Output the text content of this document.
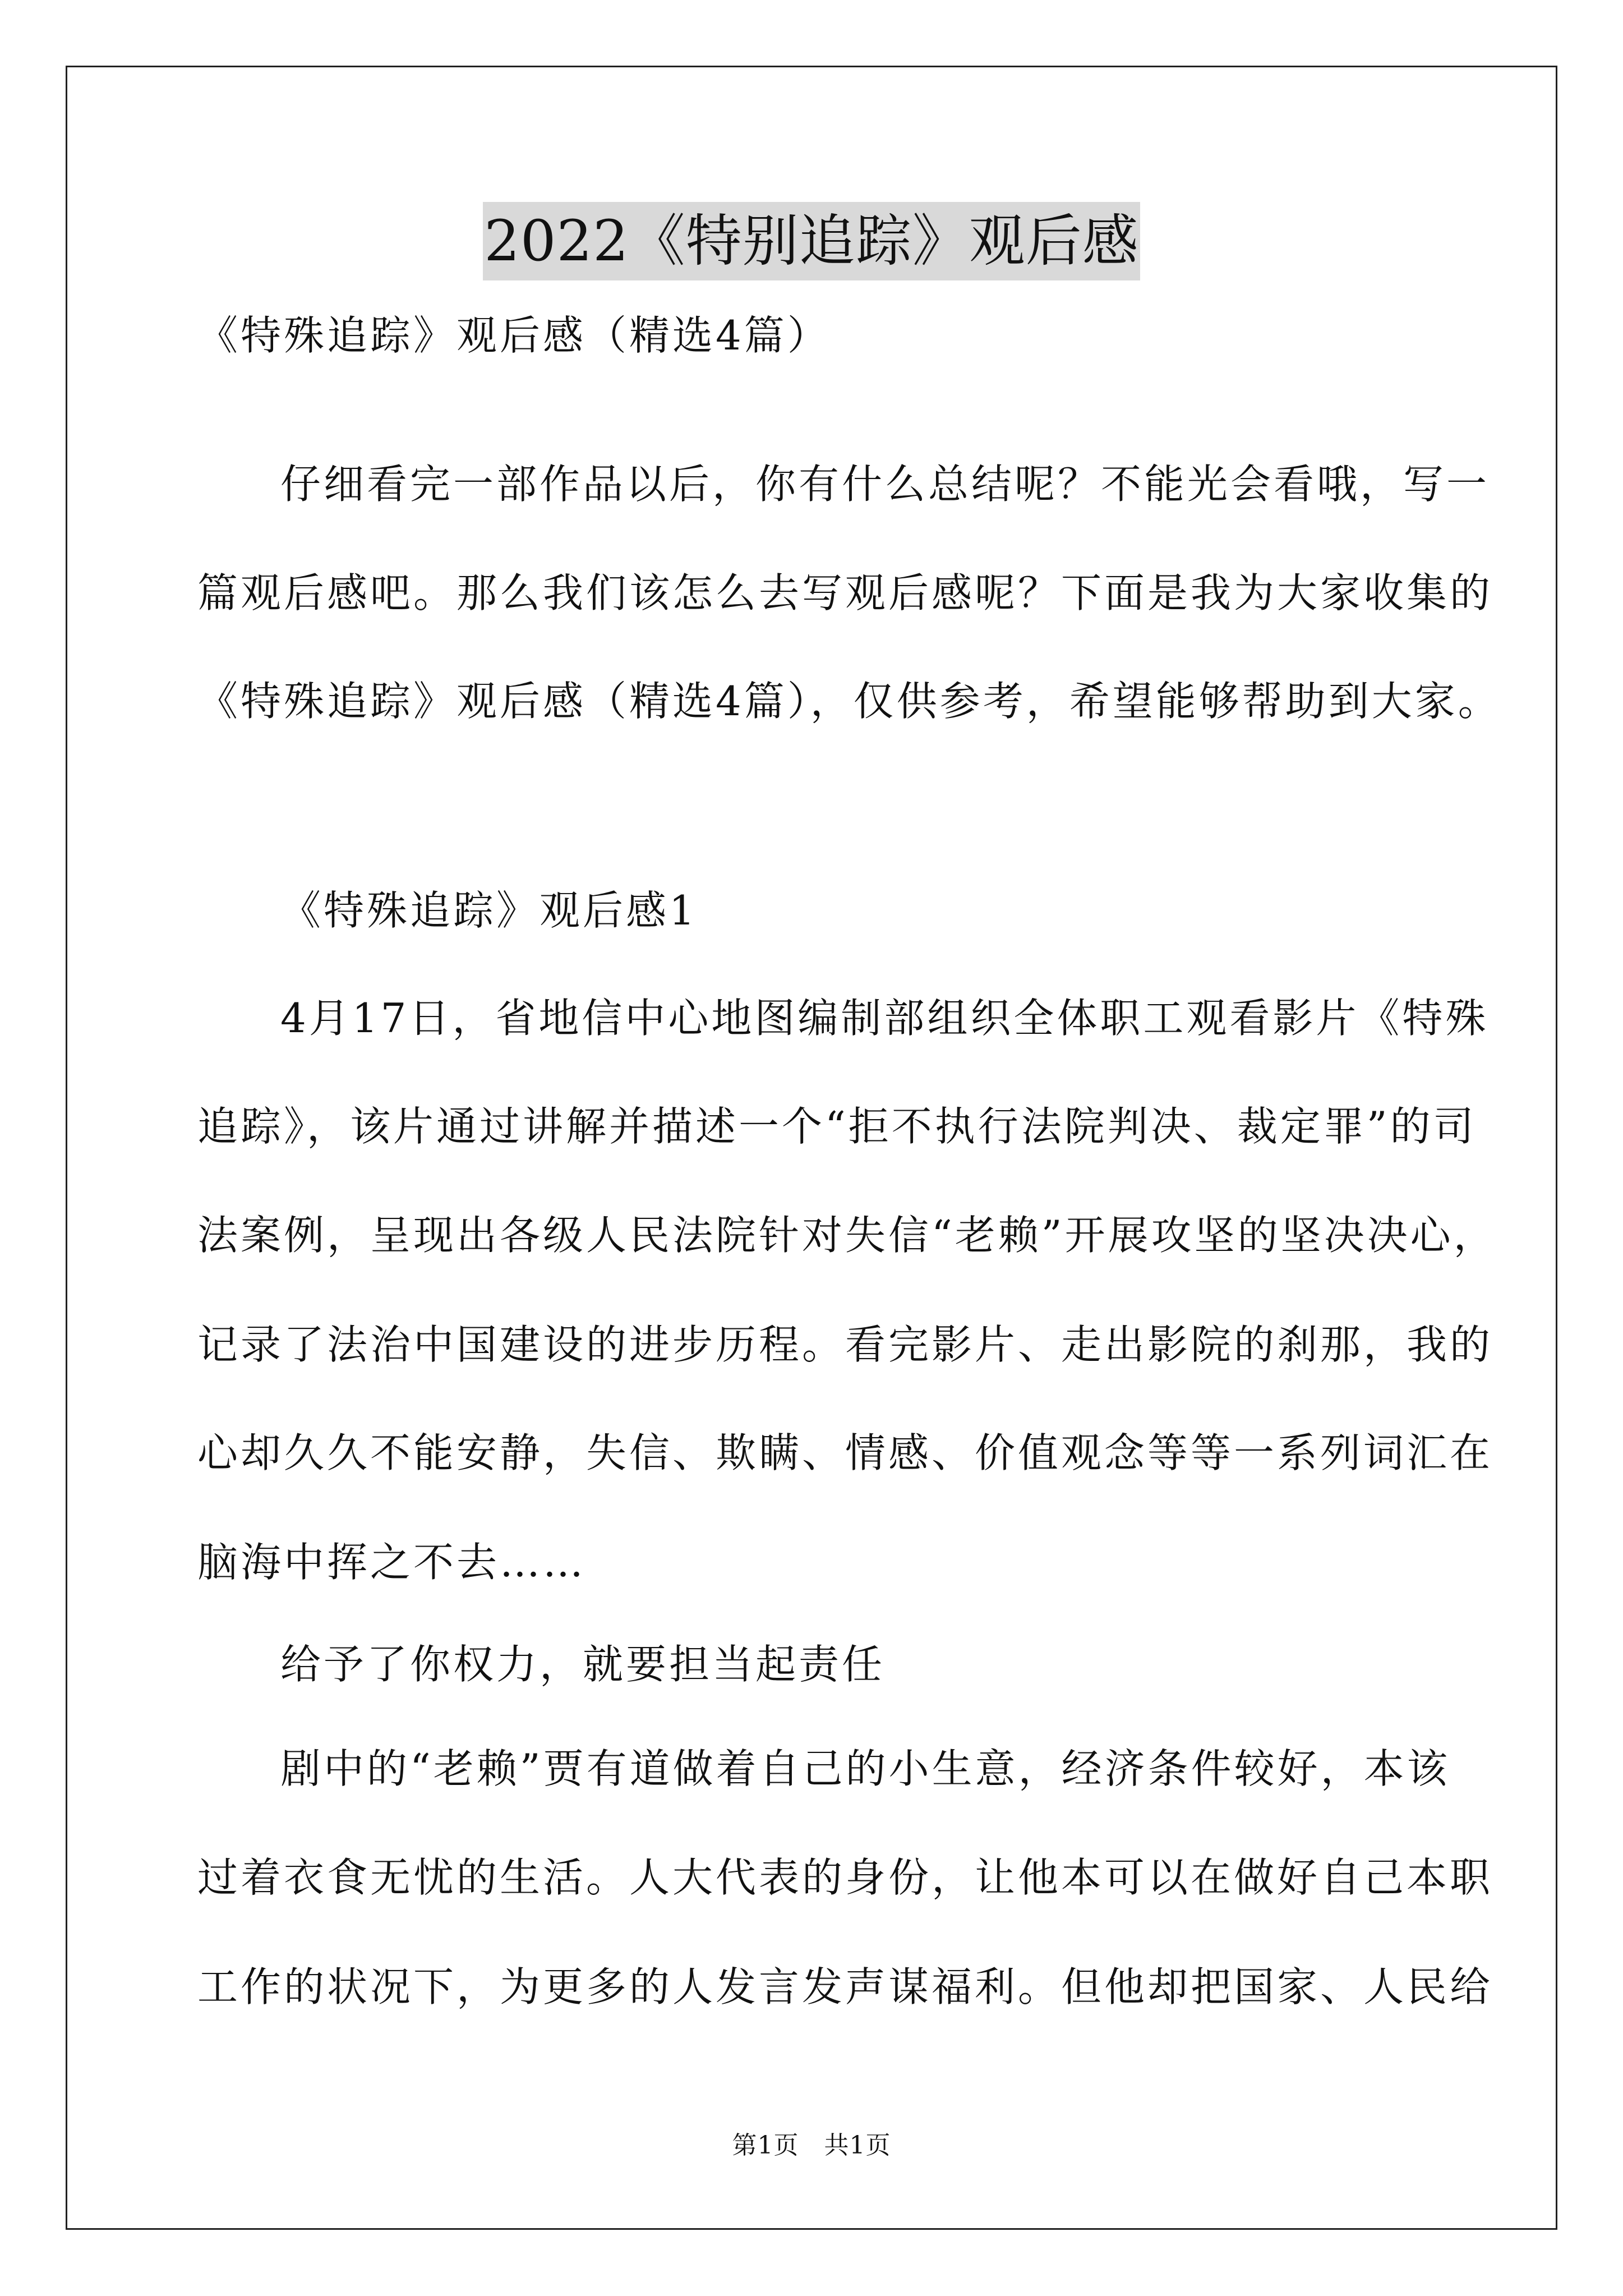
2022《特别追踪》观后感
《特殊追踪》观后感（精选4篇）
仔细看完一部作品以后，你有什么总结呢？不能光会看哦，写一
篇观后感吧。那么我们该怎么去写观后感呢？下面是我为大家收集的
《特殊追踪》观后感（精选4篇），仅供参考，希望能够帮助到大家。
《特殊追踪》观后感1
4月17日，省地信中心地图编制部组织全体职工观看影片《特殊
追踪》，该片通过讲解并描述一个“拒不执行法院判决、裁定罪”的司
法案例，呈现出各级人民法院针对失信“老赖”开展攻坚的坚决决心，
记录了法治中国建设的进步历程。看完影片、走出影院的刹那，我的
心却久久不能安静，失信、欺瞒、情感、价值观念等等一系列词汇在
脑海中挥之不去……
给予了你权力，就要担当起责任
剧中的“老赖”贾有道做着自己的小生意，经济条件较好，本该
过着衣食无忧的生活。人大代表的身份，让他本可以在做好自己本职
工作的状况下，为更多的人发言发声谋福利。但他却把国家、人民给
第1页　共1页
